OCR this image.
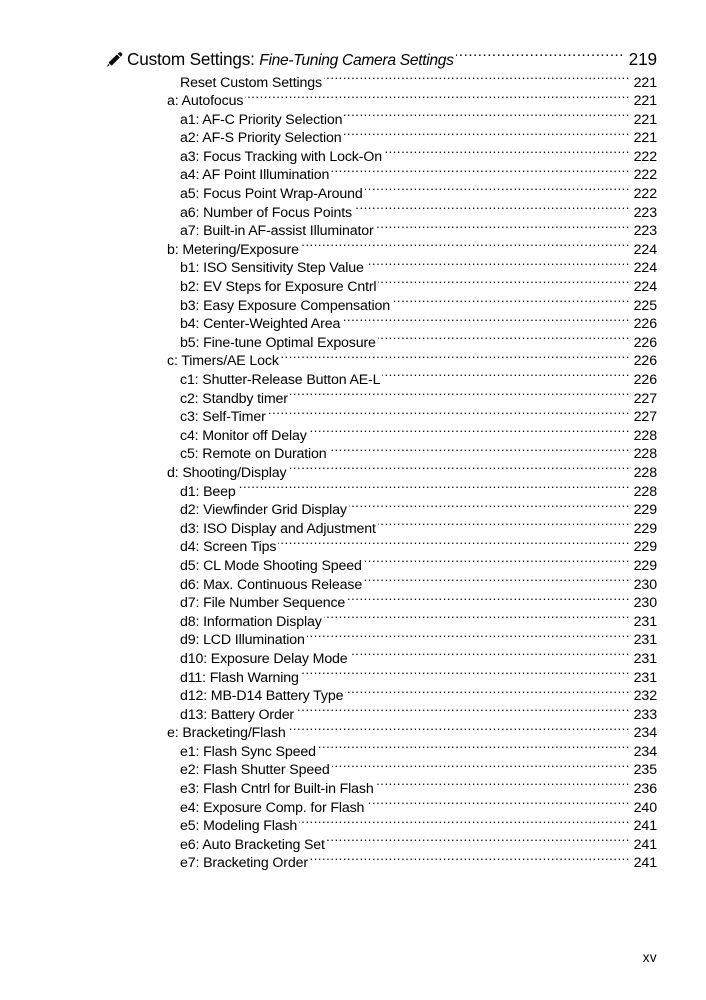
Custom Settings: Fine-Tuning Camera Settings .....	219
Reset Custom Settings .....	221
a: Autofocus .....	221
a1: AF-C Priority Selection .....	221
a2: AF-S Priority Selection .....	221
a3: Focus Tracking with Lock-On .....	222
a4: AF Point Illumination .....	222
a5: Focus Point Wrap-Around .....	222
a6: Number of Focus Points .....	223
a7: Built-in AF-assist Illuminator .....	223
b: Metering/Exposure .....	224
b1: ISO Sensitivity Step Value .....	224
b2: EV Steps for Exposure Cntrl .....	224
b3: Easy Exposure Compensation .....	225
b4: Center-Weighted Area .....	226
b5: Fine-tune Optimal Exposure .....	226
c: Timers/AE Lock .....	226
c1: Shutter-Release Button AE-L .....	226
c2: Standby timer .....	227
c3: Self-Timer .....	227
c4: Monitor off Delay .....	228
c5: Remote on Duration .....	228
d: Shooting/Display .....	228
d1: Beep .....	228
d2: Viewfinder Grid Display .....	229
d3: ISO Display and Adjustment .....	229
d4: Screen Tips .....	229
d5: CL Mode Shooting Speed .....	229
d6: Max. Continuous Release .....	230
d7: File Number Sequence .....	230
d8: Information Display .....	231
d9: LCD Illumination .....	231
d10: Exposure Delay Mode .....	231
d11: Flash Warning .....	231
d12: MB-D14 Battery Type .....	232
d13: Battery Order .....	233
e: Bracketing/Flash .....	234
e1: Flash Sync Speed .....	234
e2: Flash Shutter Speed .....	235
e3: Flash Cntrl for Built-in Flash .....	236
e4: Exposure Comp. for Flash .....	240
e5: Modeling Flash .....	241
e6: Auto Bracketing Set .....	241
e7: Bracketing Order .....	241
xv
